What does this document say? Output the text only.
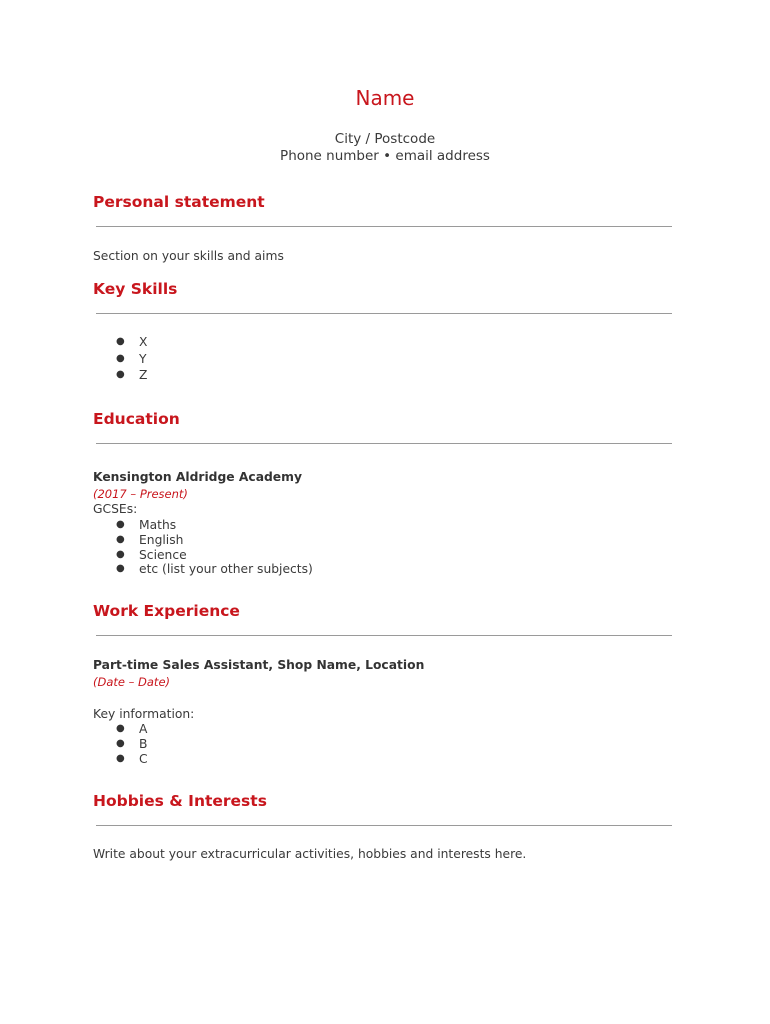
Name
City / Postcode
Phone number • email address
Personal statement
Section on your skills and aims
Key Skills
● X
● Y
● Z
Education
Kensington Aldridge Academy
(2017 – Present)
GCSEs:
● Maths
● English
● Science
● etc (list your other subjects)
Work Experience
Part-time Sales Assistant, Shop Name, Location
(Date – Date)
Key information:
● A
● B
● C
Hobbies & Interests
Write about your extracurricular activities, hobbies and interests here.
